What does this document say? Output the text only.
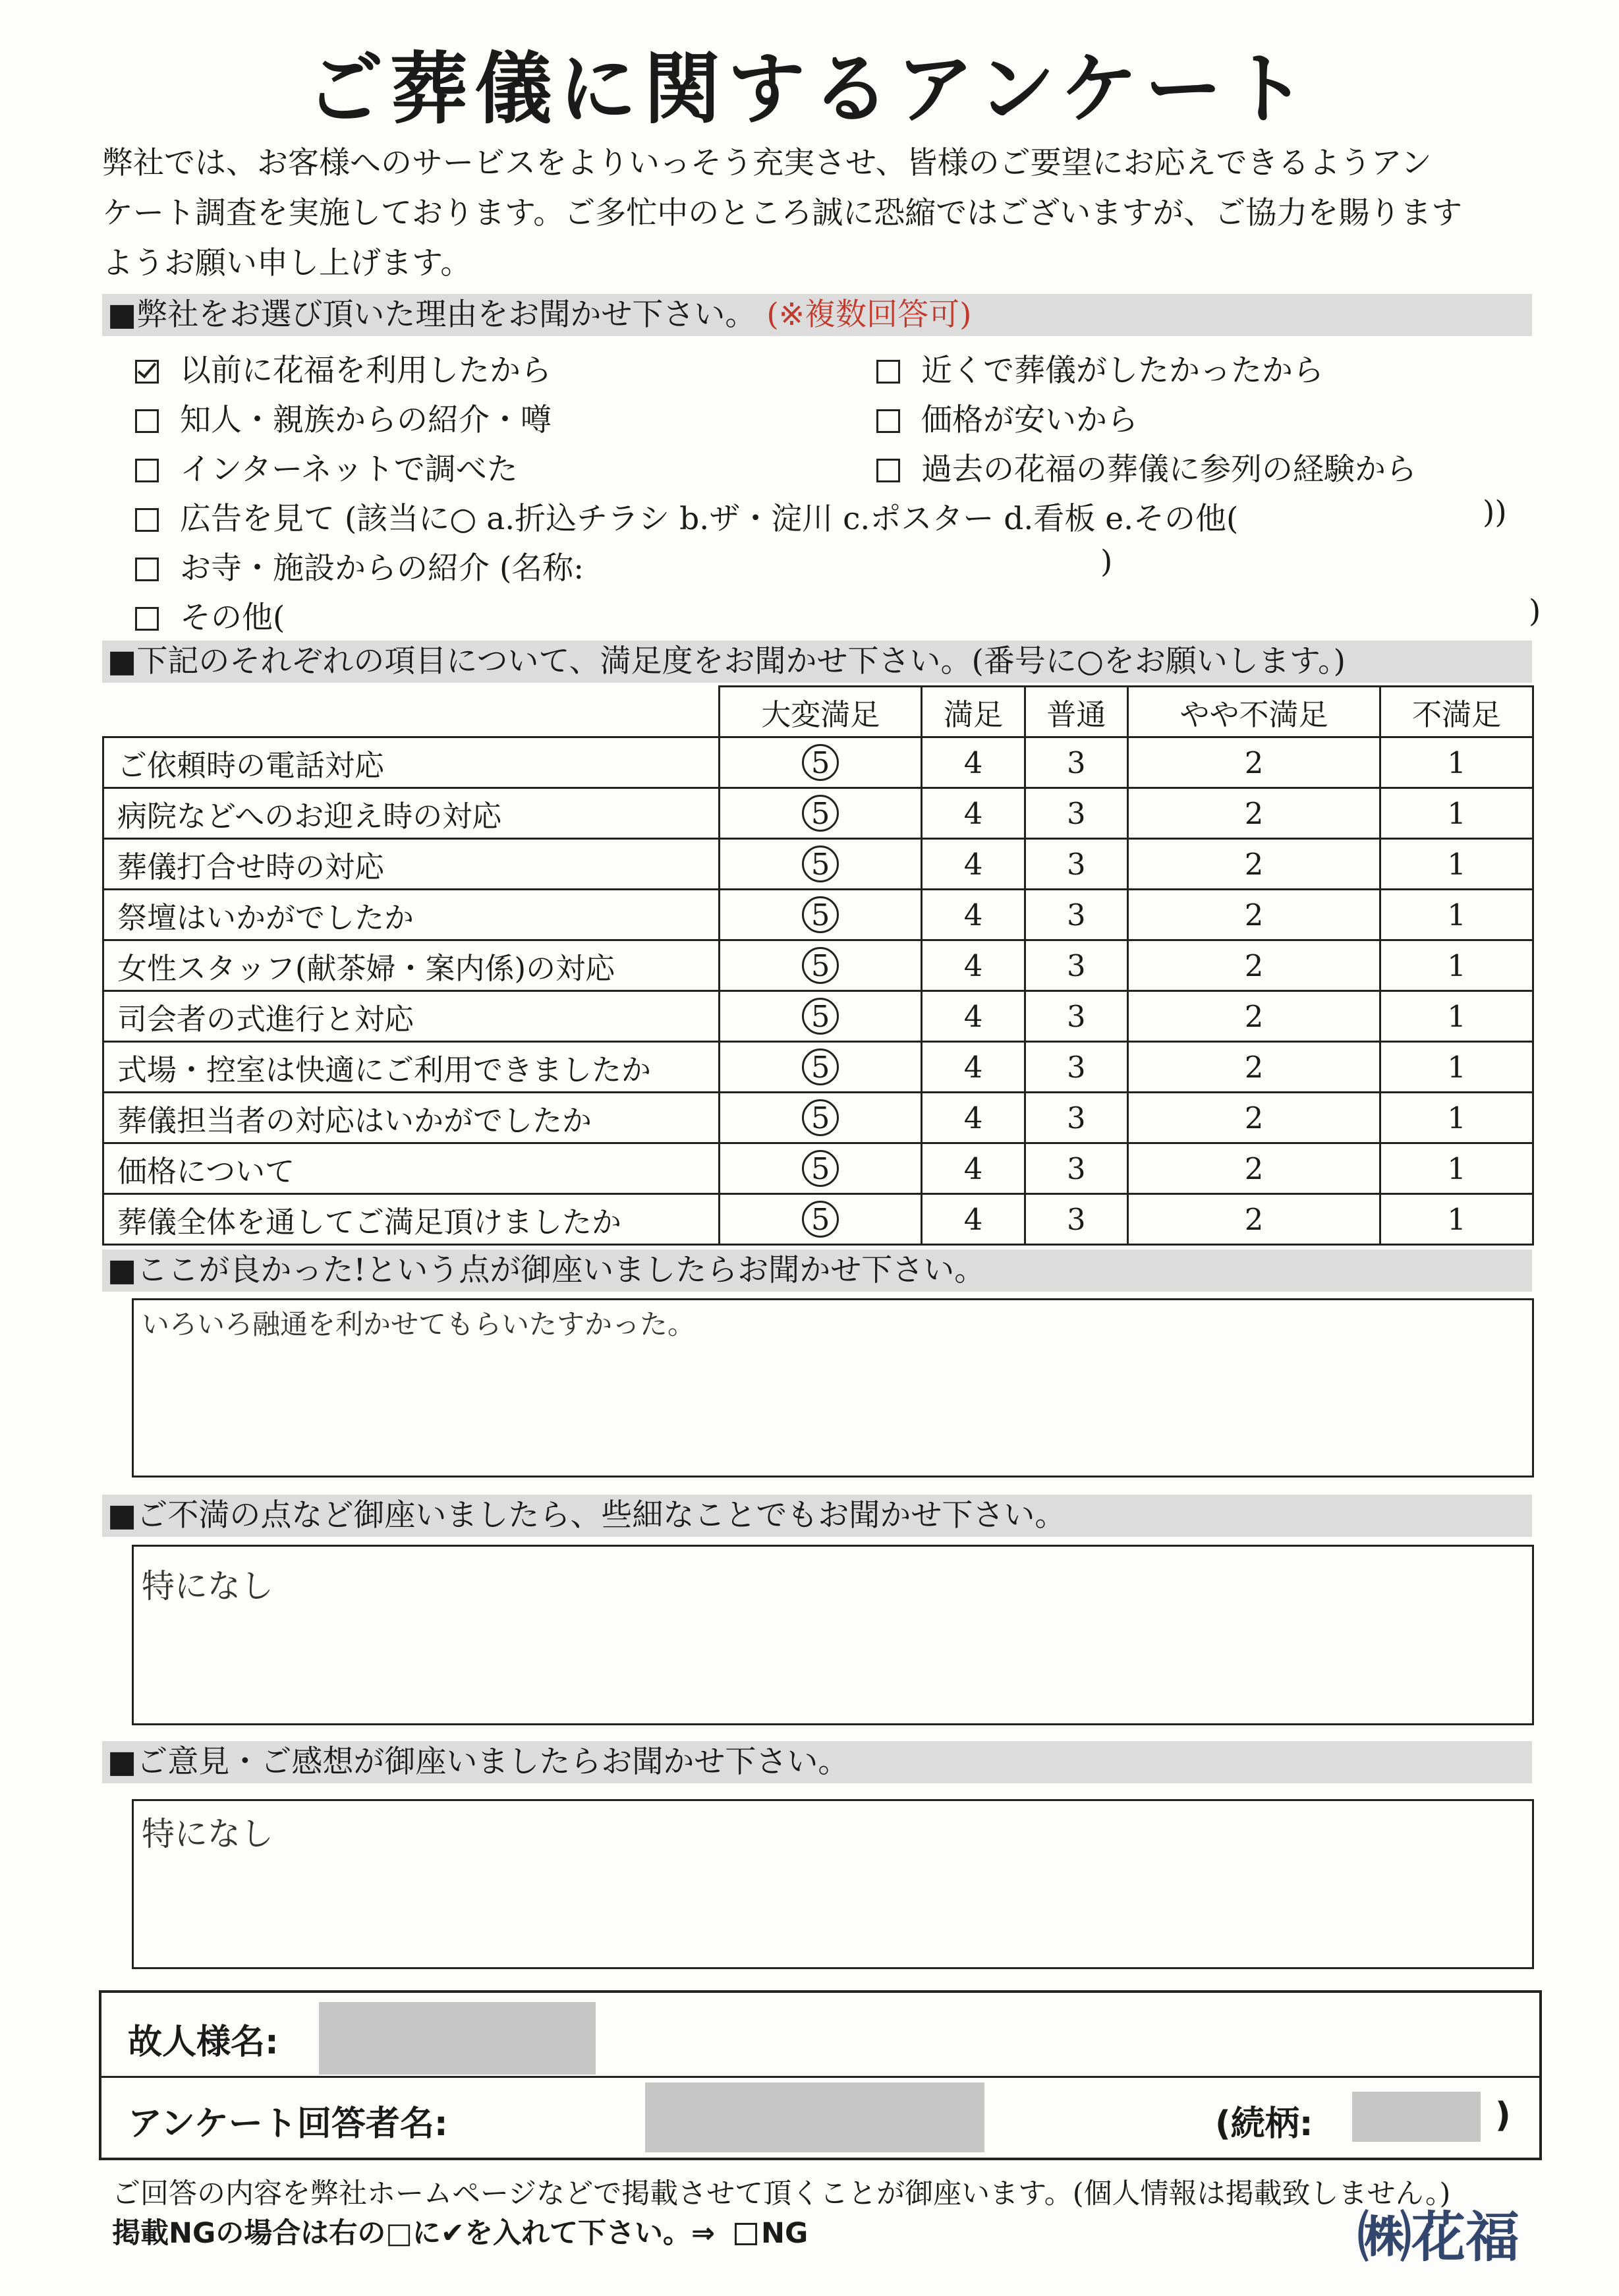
ご葬儀に関するアンケート
弊社では、お客様へのサービスをよりいっそう充実させ、皆様のご要望にお応えできるようアン
ケート調査を実施しております。ご多忙中のところ誠に恐縮ではございますが、ご協力を賜ります
ようお願い申し上げます。
■弊社をお選び頂いた理由をお聞かせ下さい。 (※複数回答可)
以前に花福を利用したから	近くで葬儀がしたかったから
知人・親族からの紹介・噂	価格が安いから
インターネットで調べた	過去の花福の葬儀に参列の経験から
広告を見て (該当に○ a.折込チラシ b.ザ・淀川 c.ポスター d.看板 e.その他(	))
お寺・施設からの紹介 (名称:	)
その他(	)
■下記のそれぞれの項目について、満足度をお聞かせ下さい。(番号に○をお願いします。)
	大変満足	満足	普通	やや不満足	不満足
ご依頼時の電話対応	5	4	3	2	1
病院などへのお迎え時の対応	5	4	3	2	1
葬儀打合せ時の対応	5	4	3	2	1
祭壇はいかがでしたか	5	4	3	2	1
女性スタッフ(献茶婦・案内係)の対応	5	4	3	2	1
司会者の式進行と対応	5	4	3	2	1
式場・控室は快適にご利用できましたか	5	4	3	2	1
葬儀担当者の対応はいかがでしたか	5	4	3	2	1
価格について	5	4	3	2	1
葬儀全体を通してご満足頂けましたか	5	4	3	2	1
■ここが良かった!という点が御座いましたらお聞かせ下さい。
いろいろ融通を利かせてもらいたすかった。
■ご不満の点など御座いましたら、些細なことでもお聞かせ下さい。
特になし
■ご意見・ご感想が御座いましたらお聞かせ下さい。
特になし
故人様名:
アンケート回答者名:	(続柄:	)
ご回答の内容を弊社ホームページなどで掲載させて頂くことが御座います。(個人情報は掲載致しません。)
掲載NGの場合は右の□に✔を入れて下さい。⇒ NG	㈱花福
